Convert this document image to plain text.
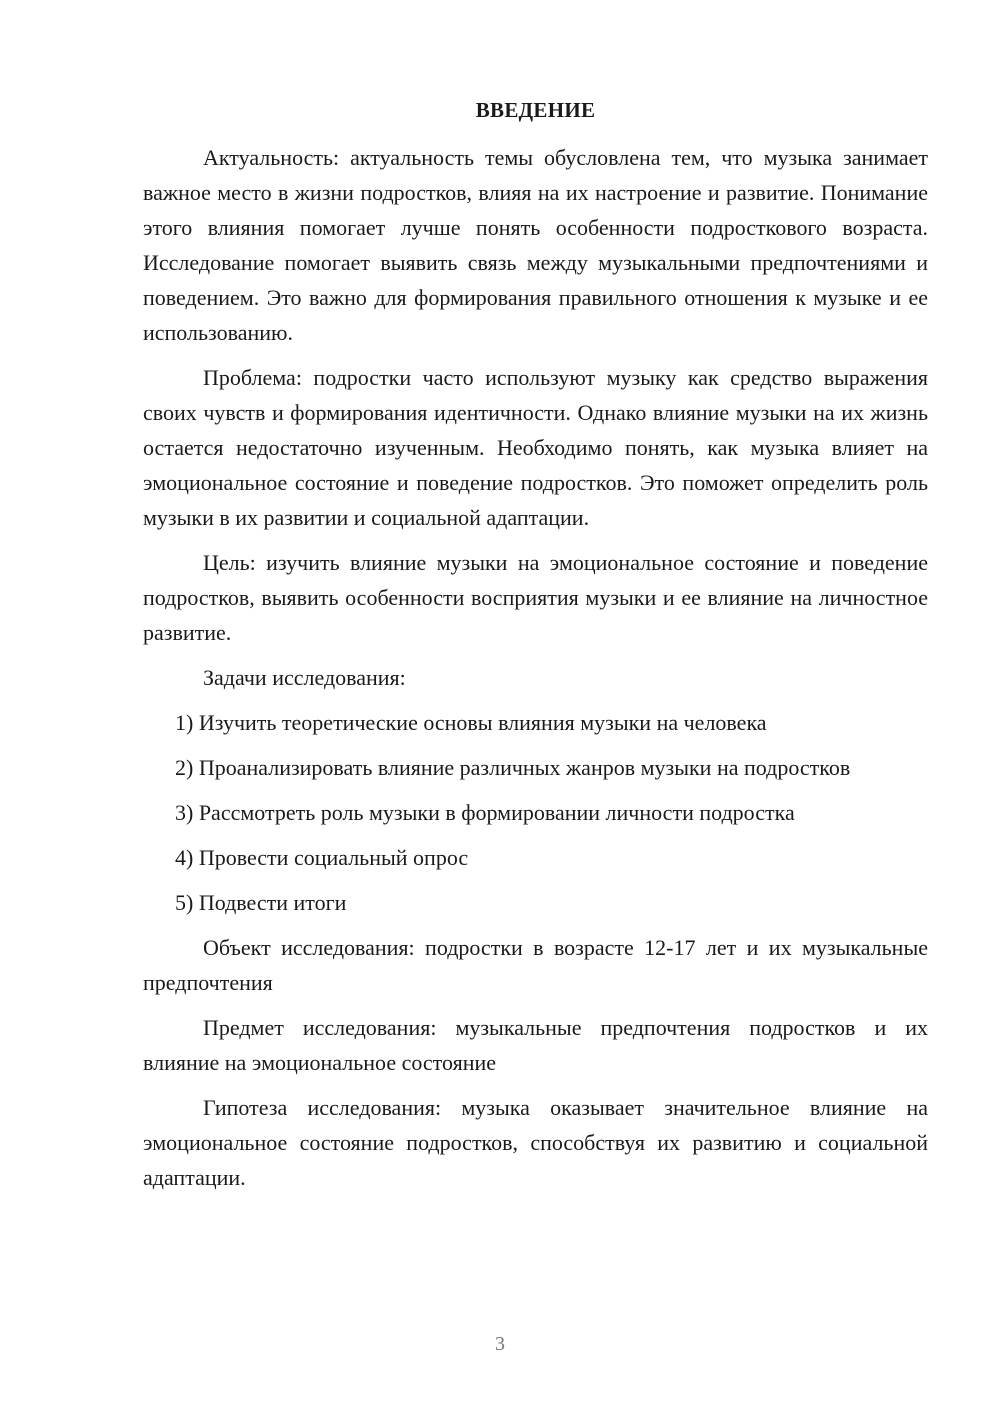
ВВЕДЕНИЕ

Актуальность: актуальность темы обусловлена тем, что музыка занимает важное место в жизни подростков, влияя на их настроение и развитие. Понимание этого влияния помогает лучше понять особенности подросткового возраста. Исследование помогает выявить связь между музыкальными предпочтениями и поведением. Это важно для формирования правильного отношения к музыке и ее использованию.

Проблема: подростки часто используют музыку как средство выражения своих чувств и формирования идентичности. Однако влияние музыки на их жизнь остается недостаточно изученным. Необходимо понять, как музыка влияет на эмоциональное состояние и поведение подростков. Это поможет определить роль музыки в их развитии и социальной адаптации.

Цель: изучить влияние музыки на эмоциональное состояние и поведение подростков, выявить особенности восприятия музыки и ее влияние на личностное развитие.

Задачи исследования:

1) Изучить теоретические основы влияния музыки на человека

2) Проанализировать влияние различных жанров музыки на подростков

3) Рассмотреть роль музыки в формировании личности подростка

4) Провести социальный опрос

5) Подвести итоги

Объект исследования: подростки в возрасте 12-17 лет и их музыкальные предпочтения

Предмет исследования: музыкальные предпочтения подростков и их влияние на эмоциональное состояние

Гипотеза исследования: музыка оказывает значительное влияние на эмоциональное состояние подростков, способствуя их развитию и социальной адаптации.

3
